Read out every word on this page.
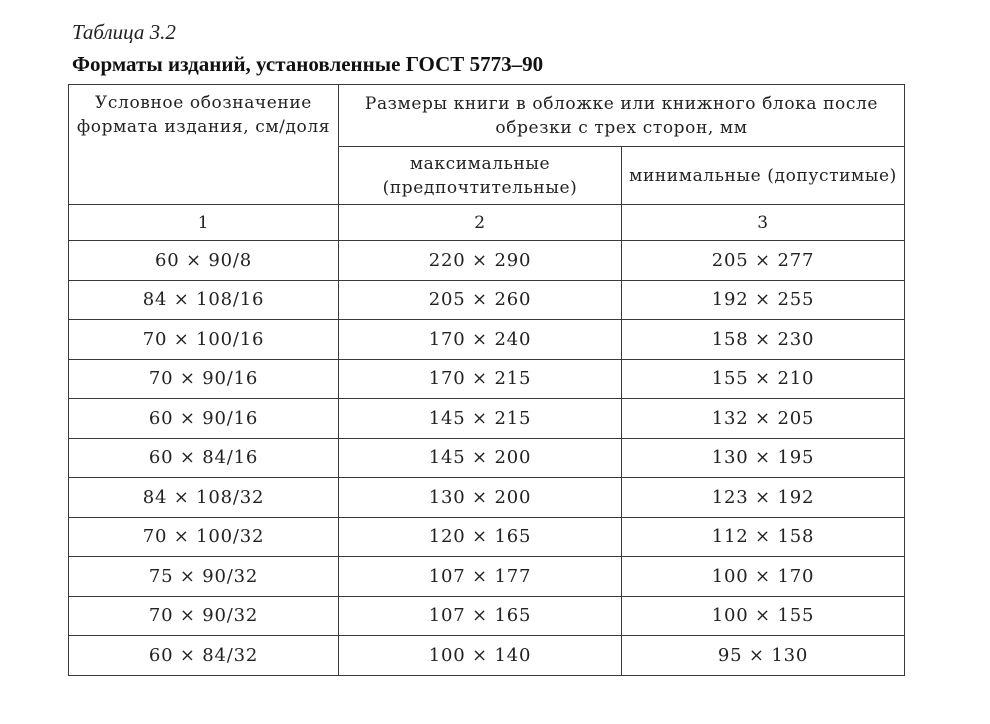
Таблица 3.2
Форматы изданий, установленные ГОСТ 5773–90
Условное обозначение формата издания, см/доля	Размеры книги в обложке или книжного блока после обрезки с трех сторон, мм	
	максимальные (предпочтительные)	минимальные (допустимые)
1	2	3
60 × 90/8	220 × 290	205 × 277
84 × 108/16	205 × 260	192 × 255
70 × 100/16	170 × 240	158 × 230
70 × 90/16	170 × 215	155 × 210
60 × 90/16	145 × 215	132 × 205
60 × 84/16	145 × 200	130 × 195
84 × 108/32	130 × 200	123 × 192
70 × 100/32	120 × 165	112 × 158
75 × 90/32	107 × 177	100 × 170
70 × 90/32	107 × 165	100 × 155
60 × 84/32	100 × 140	95 × 130
